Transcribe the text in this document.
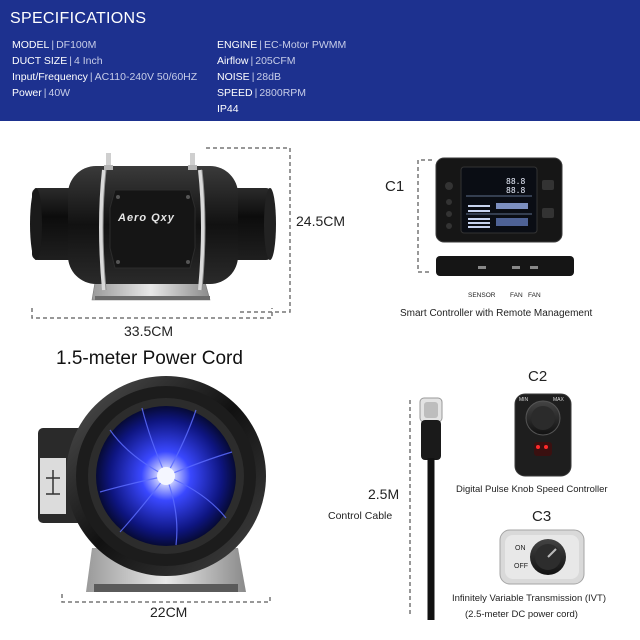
SPECIFICATIONS
MODEL | DF100M
DUCT SIZE | 4 Inch
Input/Frequency | AC110-240V 50/60HZ
Power | 40W
ENGINE | EC-Motor PWMM
Airflow | 205CFM
NOISE | 28dB
SPEED | 2800RPM
IP44
24.5CM
33.5CM
Aero Qxy
C1	88.8
88.8
SENSOR FAN FAN
Smart Controller with Remote Management
1.5-meter Power Cord
22CM
2.5M
Control Cable
C2
MIN	MAX
Digital Pulse Knob Speed Controller
C3
ON
OFF
Infinitely Variable Transmission (IVT)
(2.5-meter DC power cord)
